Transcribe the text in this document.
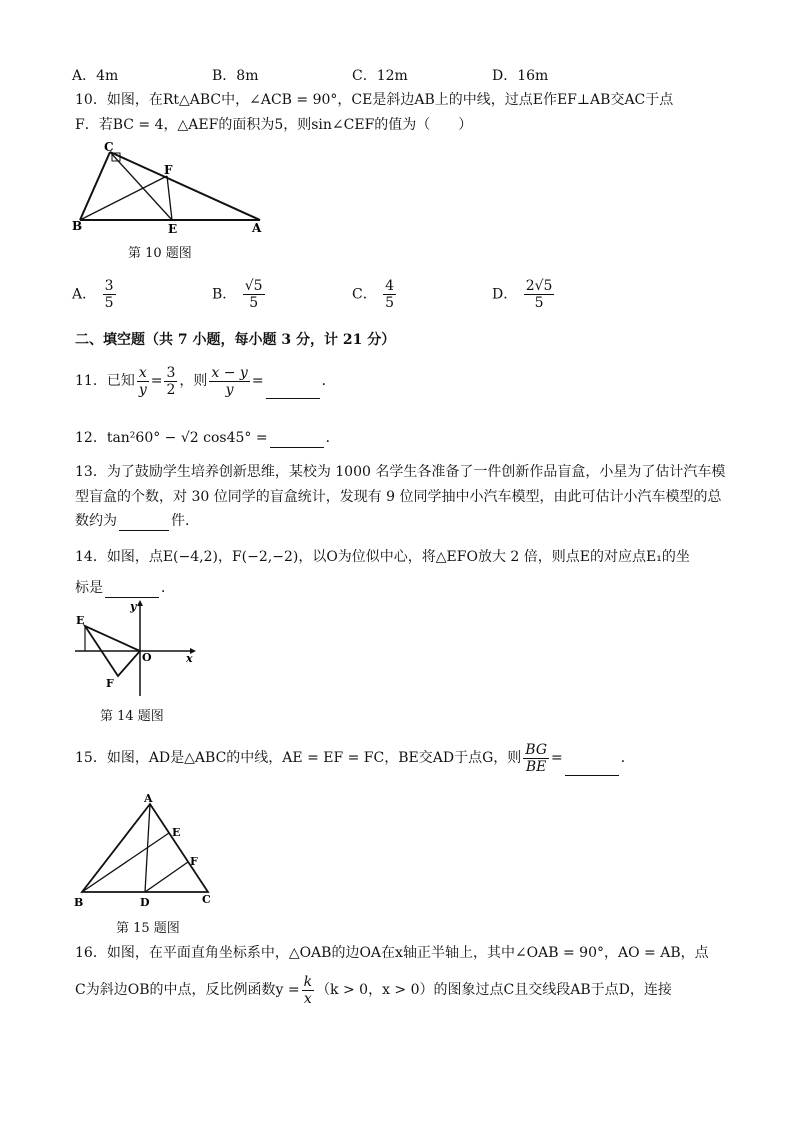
A．4m	B．8m	C．12m	D．16m
10．如图，在Rt△ABC中，∠ACB = 90°，CE是斜边AB上的中线，过点E作EF⊥AB交AC于点
F．若BC = 4，△AEF的面积为5，则sin∠CEF的值为（　　）
C
F
B	E	A
第 10 题图
A． $\frac{3}{5}$	B． $\frac{√5}{5}$	C． $\frac{4}{5}$	D． $\frac{2√5}{5}$
二、填空题（共 7 小题，每小题 3 分，计 21 分）
11．已知 $\frac{x}{y} = \frac{3}{2}$ ，则 $\frac{x - y}{y}$ =	．
12．tan²60° − √2 cos45° =	．
13．为了鼓励学生培养创新思维，某校为 1000 名学生各准备了一件创新作品盲盒，小星为了估计汽车模
型盲盒的个数，对 30 位同学的盲盒统计，发现有 9 位同学抽中小汽车模型，由此可估计小汽车模型的总
数约为	件．
14．如图，点E(−4,2)，F(−2,−2)，以O为位似中心，将△EFO放大 2 倍，则点E的对应点E₁的坐
标是	．
E
F
O	x
y
第 14 题图
15．如图，AD是△ABC的中线，AE = EF = FC，BE交AD于点G，则 $\frac{BG}{BE}$ =	．
A
E
F
B	D	C
第 15 题图
16．如图，在平面直角坐标系中，△OAB的边OA在x轴正半轴上，其中∠OAB = 90°，AO = AB，点
C为斜边OB的中点，反比例函数$y = \frac{k}{x} (k > 0$，x > 0）的图象过点C且交线段AB于点D，连接
